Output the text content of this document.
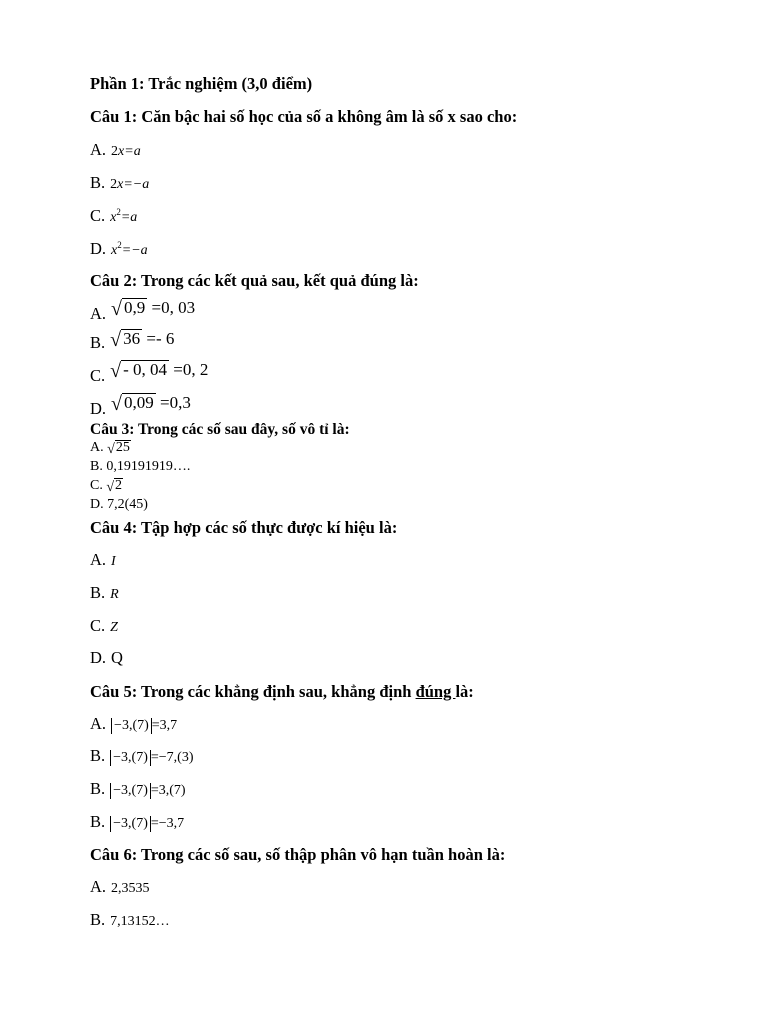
Phần 1: Trắc nghiệm (3,0 điểm)
Câu 1: Căn bậc hai số học của số a không âm là số x sao cho:
A. 2x=a
B. 2x=−a
C. $x^2=a$
D. $x^2=-a$
Câu 2: Trong các kết quả sau, kết quả đúng là:
A. √ 0,9 =0, 03
B. √ 36 =- 6
C. √ - 0, 04 =0, 2
D. √ 0,09 =0,3
Câu 3: Trong các số sau đây, số vô tỉ là:
A. √25
B. 0,19191919….
C. √2
D. 7,2(45)
Câu 4: Tập hợp các số thực được kí hiệu là:
A. I
B. R
C. Z
D. Q
Câu 5: Trong các khẳng định sau, khẳng định đúng là:
A. −3,(7) =3,7
B. −3,(7) =−7,(3)
B. −3,(7) =3,(7)
B. −3,(7) =−3,7
Câu 6: Trong các số sau, số thập phân vô hạn tuần hoàn là:
A. 2,3535
B. 7,13152…
